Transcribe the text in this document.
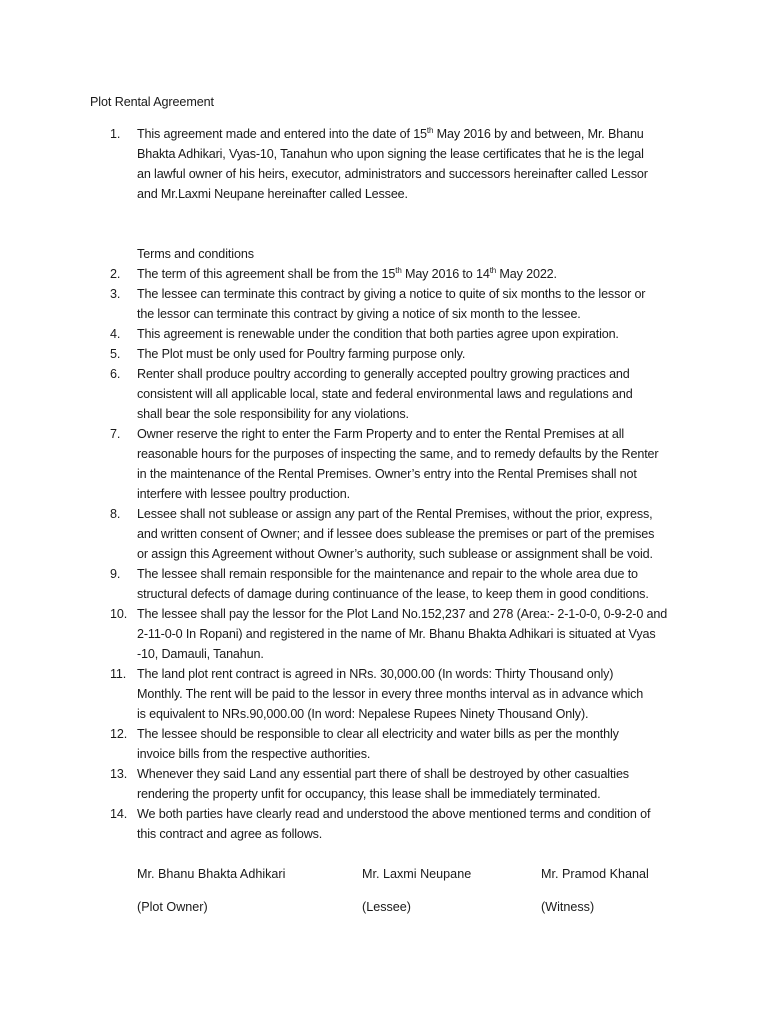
Plot Rental Agreement
1.	This agreement made and entered into the date of 15th May 2016 by and between, Mr. Bhanu
Bhakta Adhikari, Vyas-10, Tanahun who upon signing the lease certificates that he is the legal
an lawful owner of his heirs, executor, administrators and successors hereinafter called Lessor
and Mr.Laxmi Neupane hereinafter called Lessee.
Terms and conditions
2.	The term of this agreement shall be from the 15th May 2016 to 14th May 2022.
3.	The lessee can terminate this contract by giving a notice to quite of six months to the lessor or
the lessor can terminate this contract by giving a notice of six month to the lessee.
4.	This agreement is renewable under the condition that both parties agree upon expiration.
5.	The Plot must be only used for Poultry farming purpose only.
6.	Renter shall produce poultry according to generally accepted poultry growing practices and
consistent will all applicable local, state and federal environmental laws and regulations and
shall bear the sole responsibility for any violations.
7.	Owner reserve the right to enter the Farm Property and to enter the Rental Premises at all
reasonable hours for the purposes of inspecting the same, and to remedy defaults by the Renter
in the maintenance of the Rental Premises. Owner’s entry into the Rental Premises shall not
interfere with lessee poultry production.
8.	Lessee shall not sublease or assign any part of the Rental Premises, without the prior, express,
and written consent of Owner; and if lessee does sublease the premises or part of the premises
or assign this Agreement without Owner’s authority, such sublease or assignment shall be void.
9.	The lessee shall remain responsible for the maintenance and repair to the whole area due to
structural defects of damage during continuance of the lease, to keep them in good conditions.
10. The lessee shall pay the lessor for the Plot Land No.152,237 and 278 (Area:- 2-1-0-0, 0-9-2-0 and
2-11-0-0 In Ropani) and registered in the name of Mr. Bhanu Bhakta Adhikari is situated at Vyas
-10, Damauli, Tanahun.
11. The land plot rent contract is agreed in NRs. 30,000.00 (In words: Thirty Thousand only)
Monthly. The rent will be paid to the lessor in every three months interval as in advance which
is equivalent to NRs.90,000.00 (In word: Nepalese Rupees Ninety Thousand Only).
12. The lessee should be responsible to clear all electricity and water bills as per the monthly
invoice bills from the respective authorities.
13. Whenever they said Land any essential part there of shall be destroyed by other casualties
rendering the property unfit for occupancy, this lease shall be immediately terminated.
14. We both parties have clearly read and understood the above mentioned terms and condition of
this contract and agree as follows.
Mr. Bhanu Bhakta Adhikari	Mr. Laxmi Neupane	Mr. Pramod Khanal
(Plot Owner)	(Lessee)	(Witness)
